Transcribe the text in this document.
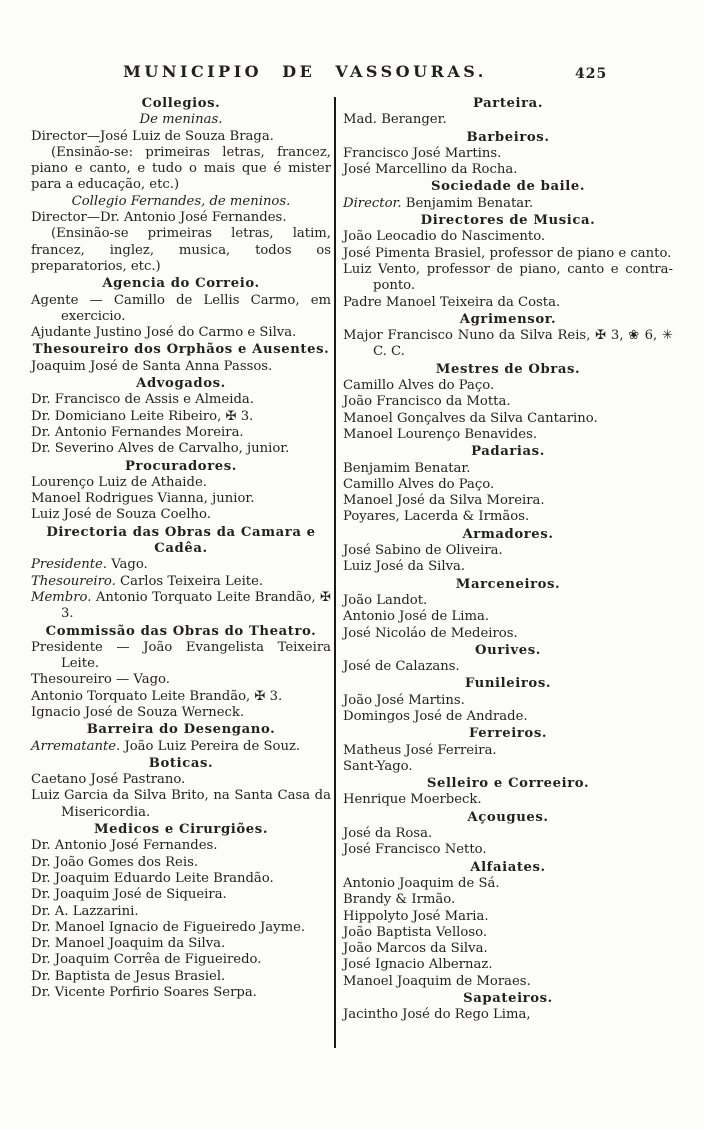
MUNICIPIO DE VASSOURAS.	425

Collegios.

De meninas.

Director—José Luiz de Souza Braga.

(Ensinão-se: primeiras letras, francez, piano e canto, e tudo o mais que é mister para a educação, etc.)

Collegio Fernandes, de meninos.

Director—Dr. Antonio José Fernandes.

(Ensinão-se primeiras letras, latim, francez, inglez, musica, todos os preparatorios, etc.)

Agencia do Correio.

Agente — Camillo de Lellis Carmo, em exercicio.

Ajudante Justino José do Carmo e Silva.

Thesoureiro dos Orphãos e Ausentes.

Joaquim José de Santa Anna Passos.

Advogados.

Dr. Francisco de Assis e Almeida.

Dr. Domiciano Leite Ribeiro, ✠ 3.

Dr. Antonio Fernandes Moreira.

Dr. Severino Alves de Carvalho, junior.

Procuradores.

Lourenço Luiz de Athaide.

Manoel Rodrigues Vianna, junior.

Luiz José de Souza Coelho.

Directoria das Obras da Camara e Cadêa.

Presidente. Vago.

Thesoureiro. Carlos Teixeira Leite.

Membro. Antonio Torquato Leite Brandão, ✠ 3.

Commissão das Obras do Theatro.

Presidente — João Evangelista Teixeira Leite.

Thesoureiro — Vago.

Antonio Torquato Leite Brandão, ✠ 3.

Ignacio José de Souza Werneck.

Barreira do Desengano.

Arrematante. João Luiz Pereira de Souz.

Boticas.

Caetano José Pastrano.

Luiz Garcia da Silva Brito, na Santa Casa da Misericordia.

Medicos e Cirurgiões.

Dr. Antonio José Fernandes.

Dr. João Gomes dos Reis.

Dr. Joaquim Eduardo Leite Brandão.

Dr. Joaquim José de Siqueira.

Dr. A. Lazzarini.

Dr. Manoel Ignacio de Figueiredo Jayme.

Dr. Manoel Joaquim da Silva.

Dr. Joaquim Corrêa de Figueiredo.

Dr. Baptista de Jesus Brasiel.

Dr. Vicente Porfirio Soares Serpa.

Parteira.

Mad. Beranger.

Barbeiros.

Francisco José Martins.

José Marcellino da Rocha.

Sociedade de baile.

Director. Benjamim Benatar.

Directores de Musica.

João Leocadio do Nascimento.

José Pimenta Brasiel, professor de piano e canto.

Luiz Vento, professor de piano, canto e contra-ponto.

Padre Manoel Teixeira da Costa.

Agrimensor.

Major Francisco Nuno da Silva Reis, ✠ 3, ❀ 6, ✳ C. C.

Mestres de Obras.

Camillo Alves do Paço.

João Francisco da Motta.

Manoel Gonçalves da Silva Cantarino.

Manoel Lourenço Benavides.

Padarias.

Benjamim Benatar.

Camillo Alves do Paço.

Manoel José da Silva Moreira.

Poyares, Lacerda & Irmãos.

Armadores.

José Sabino de Oliveira.

Luiz José da Silva.

Marceneiros.

João Landot.

Antonio José de Lima.

José Nicoláo de Medeiros.

Ourives.

José de Calazans.

Funileiros.

João José Martins.

Domingos José de Andrade.

Ferreiros.

Matheus José Ferreira.

Sant-Yago.

Selleiro e Correeiro.

Henrique Moerbeck.

Açougues.

José da Rosa.

José Francisco Netto.

Alfaiates.

Antonio Joaquim de Sá.

Brandy & Irmão.

Hippolyto José Maria.

João Baptista Velloso.

João Marcos da Silva.

José Ignacio Albernaz.

Manoel Joaquim de Moraes.

Sapateiros.

Jacintho José do Rego Lima,
